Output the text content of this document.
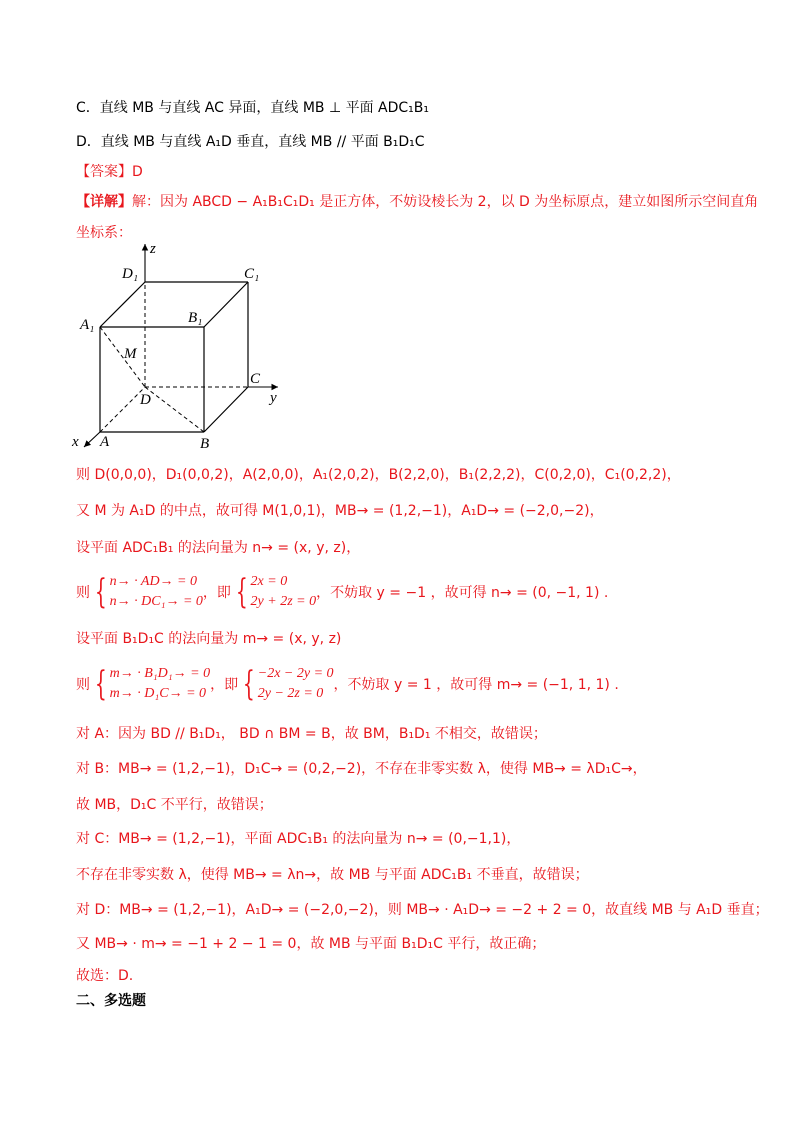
C．直线 MB 与直线 AC 异面，直线 MB ⊥ 平面 ADC₁B₁
D．直线 MB 与直线 A₁D 垂直，直线 MB // 平面 B₁D₁C
【答案】D
【详解】解：因为 ABCD − A₁B₁C₁D₁ 是正方体，不妨设棱长为 2，以 D 为坐标原点，建立如图所示空间直角
坐标系：
z
D₁	C₁
A₁	B₁
M
C
D	y
x A	B
则 D(0,0,0)，D₁(0,0,2)，A(2,0,0)，A₁(2,0,2)，B(2,2,0)，B₁(2,2,2)，C(0,2,0)，C₁(0,2,2)，
又 M 为 A₁D 的中点，故可得 M(1,0,1)，MB→ = (1,2,−1)，A₁D→ = (−2,0,−2)，
设平面 ADC₁B₁ 的法向量为 n→ = (x, y, z)，
则 { n→ · AD→ = 0
n→ · DC₁→ = 0
，即 { 2x = 0
2y + 2z = 0
，不妨取 y = −1 ，故可得 n→ = (0, −1, 1) .
设平面 B₁D₁C 的法向量为 m→ = (x, y, z)
则 { m→ · B₁D₁→ = 0
m→ · D₁C→ = 0
，即 { −2x − 2y = 0
2y − 2z = 0
，不妨取 y = 1 ，故可得 m→ = (−1, 1, 1) .
对 A：因为 BD // B₁D₁， BD ∩ BM = B，故 BM，B₁D₁ 不相交，故错误；
对 B：MB→ = (1,2,−1)，D₁C→ = (0,2,−2)，不存在非零实数 λ，使得 MB→ = λD₁C→，
故 MB，D₁C 不平行，故错误；
对 C：MB→ = (1,2,−1)，平面 ADC₁B₁ 的法向量为 n→ = (0,−1,1)，
不存在非零实数 λ，使得 MB→ = λn→，故 MB 与平面 ADC₁B₁ 不垂直，故错误；
对 D：MB→ = (1,2,−1)，A₁D→ = (−2,0,−2)，则 MB→ · A₁D→ = −2 + 2 = 0，故直线 MB 与 A₁D 垂直；
又 MB→ · m→ = −1 + 2 − 1 = 0，故 MB 与平面 B₁D₁C 平行，故正确；
故选：D.
二、多选题
